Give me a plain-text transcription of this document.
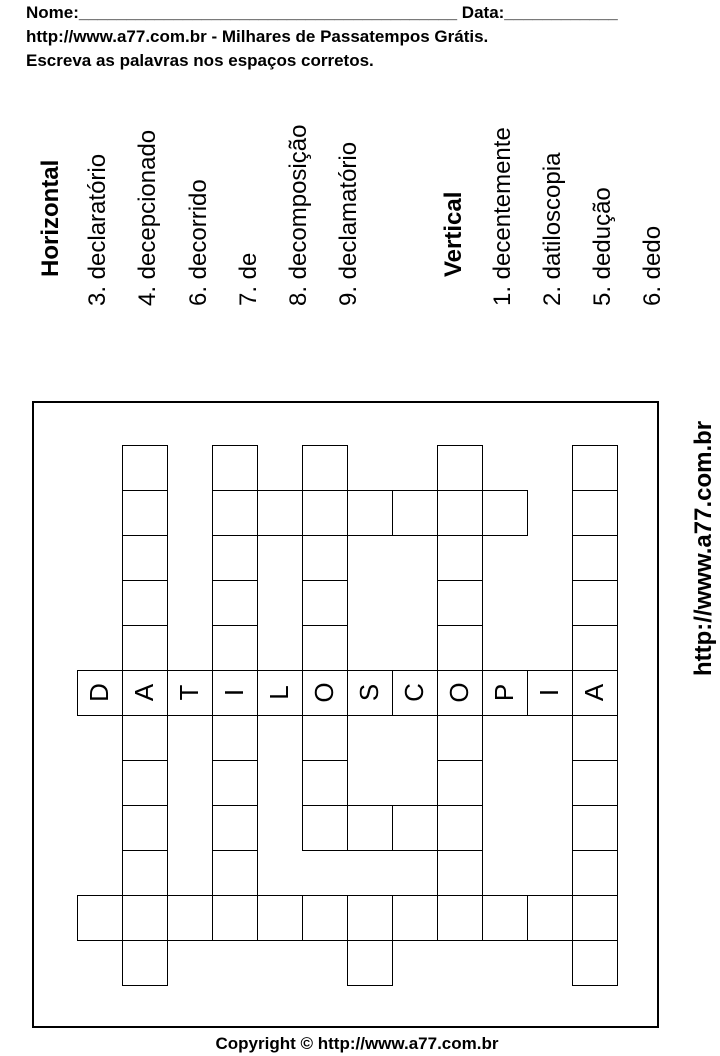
Nome:________________________________________ Data:____________
http://www.a77.com.br - Milhares de Passatempos Grátis.
Escreva as palavras nos espaços corretos.
Horizontal 3. declaratório 4. decepcionado 6. decorrido 7. de 8. decomposição 9. declamatório	Vertical 1. decentemente 2. datiloscopia 5. dedução 6. dedo
http://www.a77.com.br
D A T I L O S C O P I A
Copyright © http://www.a77.com.br
